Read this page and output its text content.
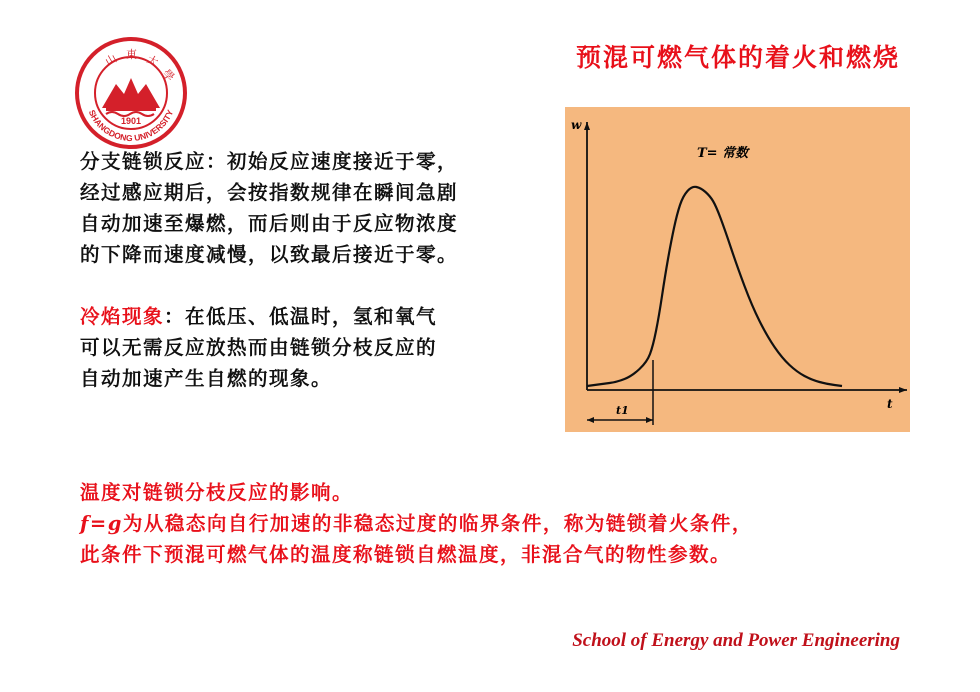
预混可燃气体的着火和燃烧
1901
SHANGDONG UNIVERSITY
山 東 大
學
分支链锁反应：初始反应速度接近于零，
经过感应期后，会按指数规律在瞬间急剧
自动加速至爆燃，而后则由于反应物浓度
的下降而速度减慢，以致最后接近于零。
冷焰现象：在低压、低温时，氢和氧气
可以无需反应放热而由链锁分枝反应的
自动加速产生自燃的现象。
w
t
T= 常数
t1
温度对链锁分枝反应的影响。
f=g为从稳态向自行加速的非稳态过度的临界条件，称为链锁着火条件，
此条件下预混可燃气体的温度称链锁自燃温度，非混合气的物性参数。
School of Energy and Power Engineering
